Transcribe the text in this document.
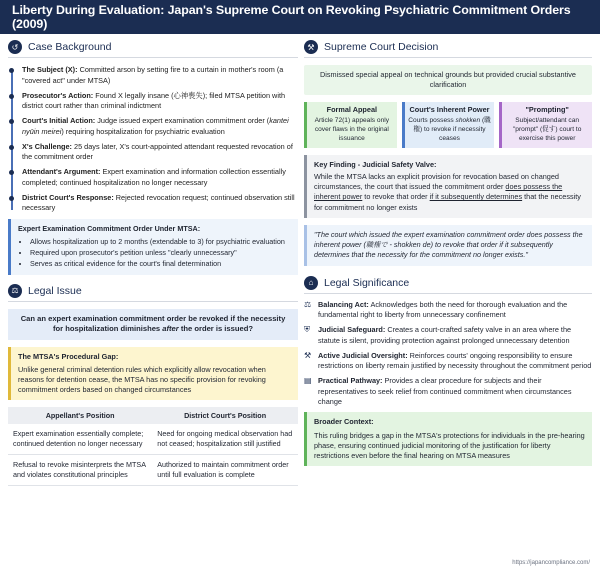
Liberty During Evaluation: Japan's Supreme Court on Revoking Psychiatric Commitment Orders (2009)
↺ Case Background
The Subject (X): Committed arson by setting fire to a curtain in mother's room (a "covered act" under MTSA)
Prosecutor's Action: Found X legally insane (心神喪失); filed MTSA petition with district court rather than criminal indictment
Court's Initial Action: Judge issued expert examination commitment order (kantei nyūin meirei) requiring hospitalization for psychiatric evaluation
X's Challenge: 25 days later, X's court-appointed attendant requested revocation of the commitment order
Attendant's Argument: Expert examination and information collection essentially completed; continued hospitalization no longer necessary
District Court's Response: Rejected revocation request; continued observation still necessary
Expert Examination Commitment Order Under MTSA:
• Allows hospitalization up to 2 months (extendable to 3) for psychiatric evaluation
• Required upon prosecutor's petition unless "clearly unnecessary"
• Serves as critical evidence for the court's final determination
⚖ Legal Issue
Can an expert examination commitment order be revoked if the necessity for hospitalization diminishes after the order is issued?
The MTSA's Procedural Gap:
Unlike general criminal detention rules which explicitly allow revocation when reasons for detention cease, the MTSA has no specific provision for revoking commitment orders based on changed circumstances
Appellant's Position	District Court's Position
Expert examination essentially complete; continued detention no longer necessary	Need for ongoing medical observation had not ceased; hospitalization still justified
Refusal to revoke misinterprets the MTSA and violates constitutional principles	Authorized to maintain commitment order until full evaluation is complete
⚒ Supreme Court Decision
Dismissed special appeal on technical grounds but provided crucial substantive clarification
Formal Appeal
Article 72(1) appeals only cover flaws in the original issuance
Court's Inherent Power
Courts possess shokken (職権) to revoke if necessity ceases
"Prompting"
Subject/attendant can "prompt" (促す) court to exercise this power
Key Finding - Judicial Safety Valve:
While the MTSA lacks an explicit provision for revocation based on changed circumstances, the court that issued the commitment order does possess the inherent power to revoke that order if it subsequently determines that the necessity for commitment no longer exists
"The court which issued the expert examination commitment order does possess the inherent power (職権で - shokken de) to revoke that order if it subsequently determines that the necessity for the commitment no longer exists."
⌂	Legal Significance
⚖ Balancing Act: Acknowledges both the need for thorough evaluation and the fundamental right to liberty from unnecessary confinement
⛨	Judicial Safeguard: Creates a court-crafted safety valve in an area where the statute is silent, providing protection against prolonged unnecessary detention
⚒ Active Judicial Oversight: Reinforces courts' ongoing responsibility to ensure restrictions on liberty remain justified by necessity throughout the commitment period
▤ Practical Pathway: Provides a clear procedure for subjects and their representatives to seek relief from continued commitment when circumstances change
Broader Context:
This ruling bridges a gap in the MTSA's protections for individuals in the pre-hearing phase, ensuring continued judicial monitoring of the justification for liberty restrictions even before the final hearing on MTSA measures
https://japancompliance.com/
